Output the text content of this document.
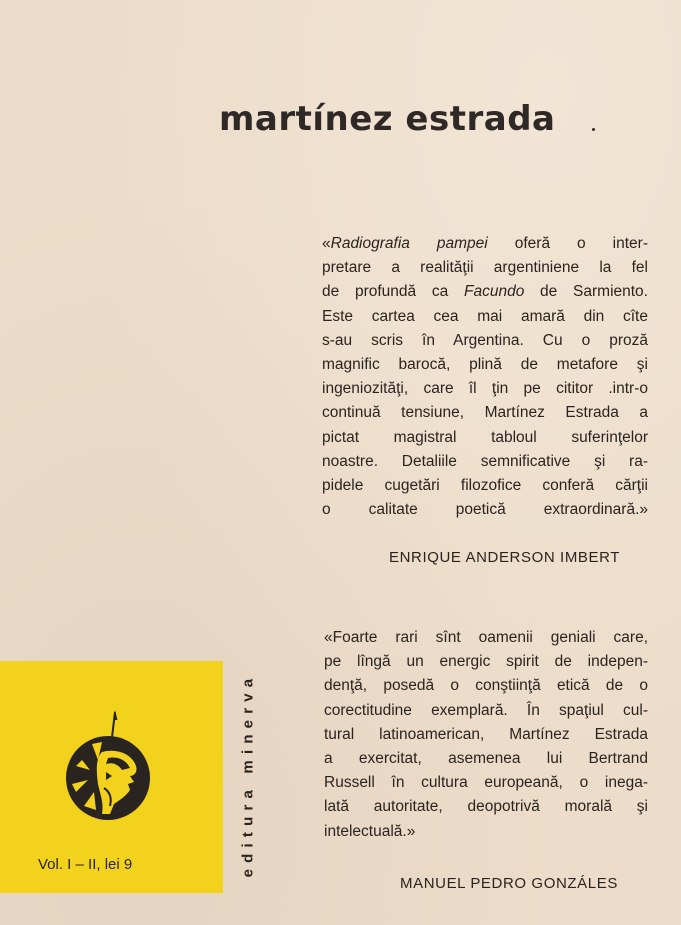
martínez estrada
«Radiografia pampei oferă o inter-
pretare a realităţii argentiniene la fel
de profundă ca Facundo de Sarmiento.
Este cartea cea mai amară din cîte
s-au scris în Argentina. Cu o proză
magnific barocă, plină de metafore şi
ingeniozităţi, care îl ţin pe cititor .intr-o
continuă tensiune, Martínez Estrada a
pictat magistral tabloul suferinţelor
noastre. Detaliile semnificative şi ra-
pidele cugetări filozofice conferă cărţii
o calitate poetică extraordinară.»
ENRIQUE ANDERSON IMBERT
«Foarte rari sînt oamenii geniali care,
pe lîngă un energic spirit de indepen-
denţă, posedă o conştiinţă etică de o
corectitudine exemplară. În spaţiul cul-
tural latinoamerican, Martínez Estrada
a exercitat, asemenea lui Bertrand
Russell în cultura europeană, o inega-
lată autoritate, deopotrivă morală şi
intelectuală.»
MANUEL PEDRO GONZÁLES
Vol. I – II, lei 9	editura minerva
